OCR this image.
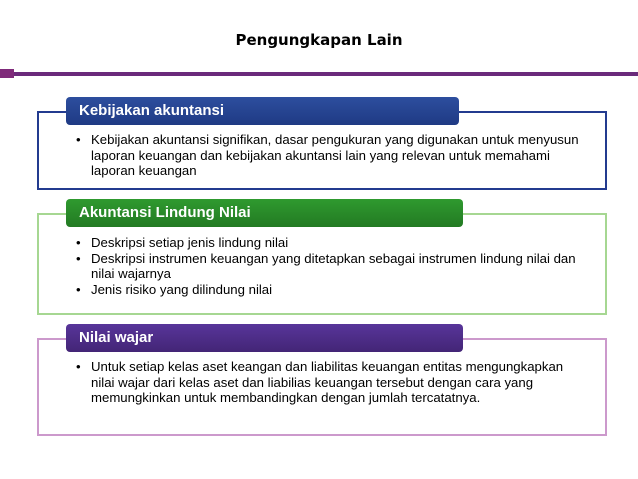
Pengungkapan Lain
Kebijakan akuntansi
• Kebijakan akuntansi signifikan, dasar pengukuran yang digunakan untuk menyusun laporan keuangan dan kebijakan akuntansi lain yang relevan untuk memahami laporan keuangan
Akuntansi Lindung Nilai
• Deskripsi setiap jenis lindung nilai
• Deskripsi instrumen keuangan yang ditetapkan sebagai instrumen lindung nilai dan nilai wajarnya
• Jenis risiko yang dilindung nilai
Nilai wajar
• Untuk setiap kelas aset keangan dan liabilitas keuangan entitas mengungkapkan nilai wajar dari kelas aset dan liabilias keuangan tersebut dengan cara yang memungkinkan untuk membandingkan dengan jumlah tercatatnya.
